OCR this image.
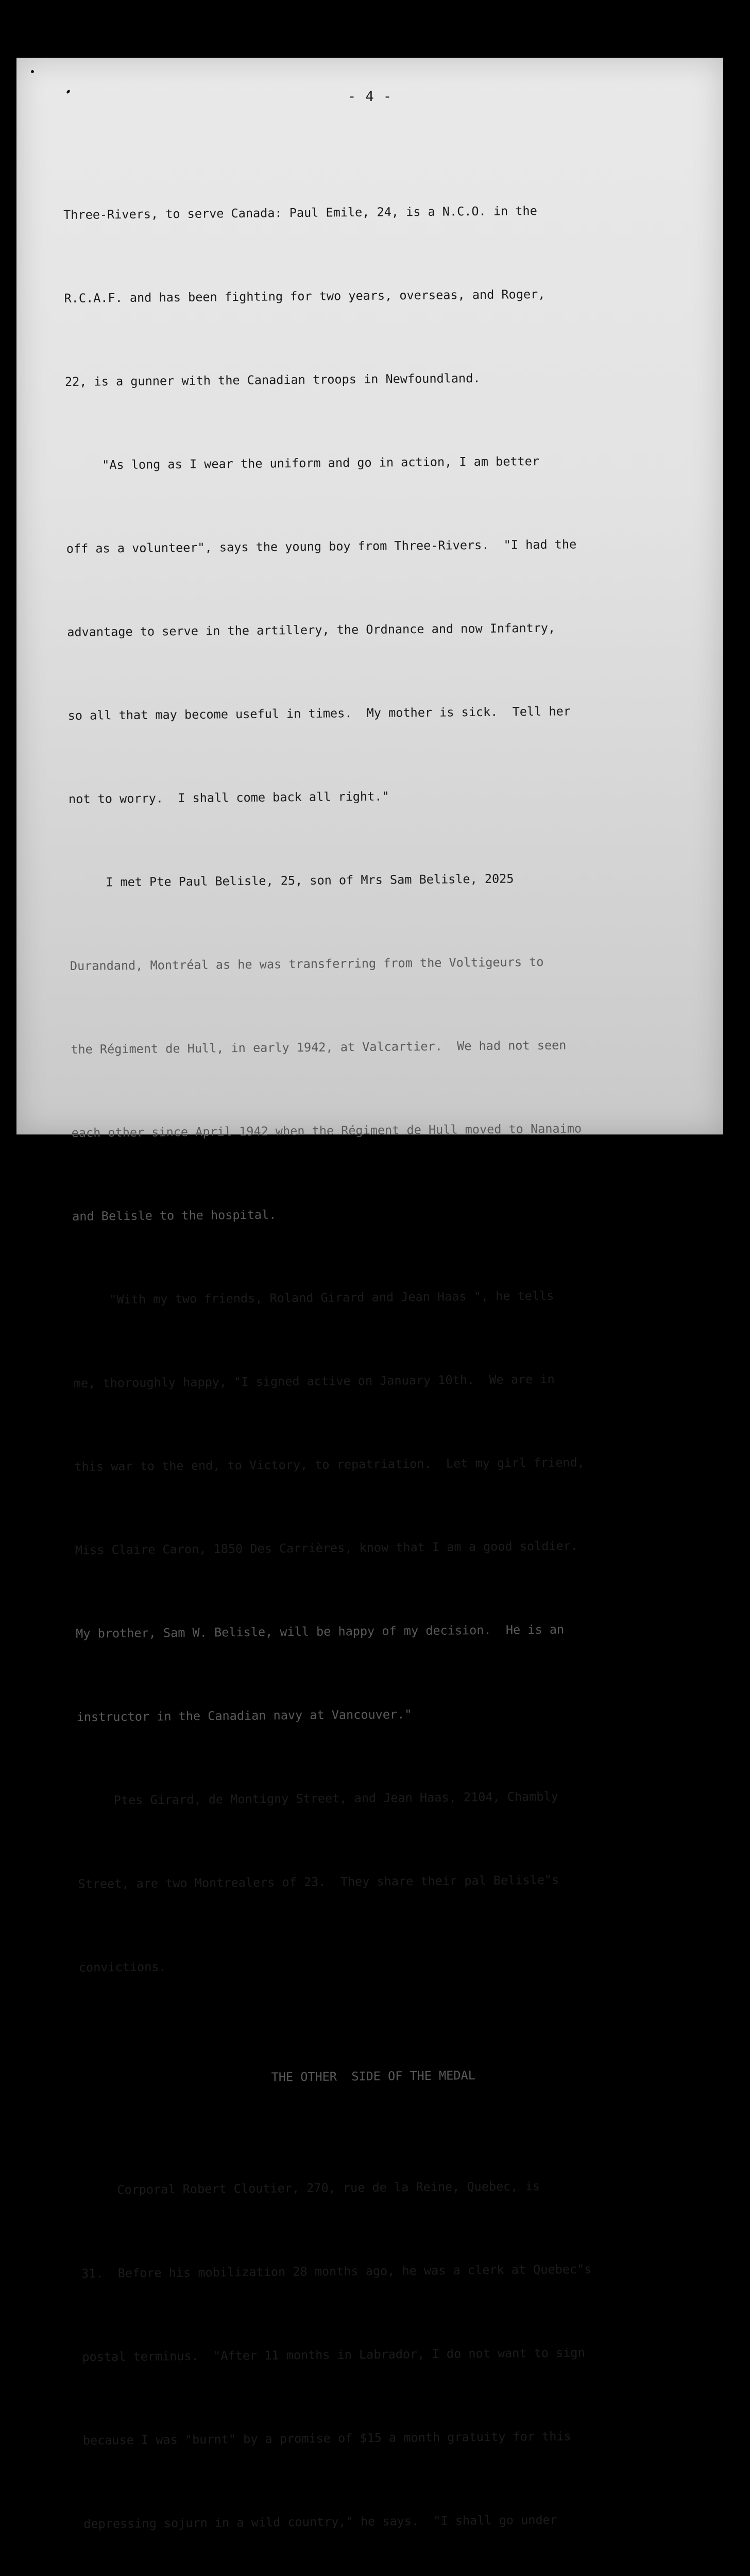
- 4 -

Three-Rivers, to serve Canada: Paul Emile, 24, is a N.C.O. in the

R.C.A.F. and has been fighting for two years, overseas, and Roger,

22, is a gunner with the Canadian troops in Newfoundland.

"As long as I wear the uniform and go in action, I am better

off as a volunteer", says the young boy from Three-Rivers.  "I had the

advantage to serve in the artillery, the Ordnance and now Infantry,

so all that may become useful in times.  My mother is sick.  Tell her

not to worry.  I shall come back all right."

I met Pte Paul Belisle, 25, son of Mrs Sam Belisle, 2025

Durandand, Montréal as he was transferring from the Voltigeurs to

the Régiment de Hull, in early 1942, at Valcartier.  We had not seen

each other since April 1942 when the Régiment de Hull moved to Nanaimo

and Belisle to the hospital.

"With my two friends, Roland Girard and Jean Haas ", he tells

me, thoroughly happy, "I signed active on January 10th.  We are in

this war to the end, to Victory, to repatriation.  Let my girl friend,

Miss Claire Caron, 1850 Des Carrières, know that I am a good soldier.

My brother, Sam W. Belisle, will be happy of my decision.  He is an

instructor in the Canadian navy at Vancouver."

Ptes Girard, de Montigny Street, and Jean Haas, 2104, Chambly

Street, are two Montrealers of 23.  They share their pal Belisle"s

convictions.

THE OTHER  SIDE OF THE MEDAL

Corporal Robert Cloutier, 270, rue de la Reine, Quebec, is

31.  Before his mobilization 28 months ago, he was a clerk at Quebec"s

postal terminus.  "After 11 months in Labrador, I do not want to sign

because I was "burnt" by a promise of $15 a month gratuity for this

depressing sojurn in a wild country," he says.  "I shall go under
